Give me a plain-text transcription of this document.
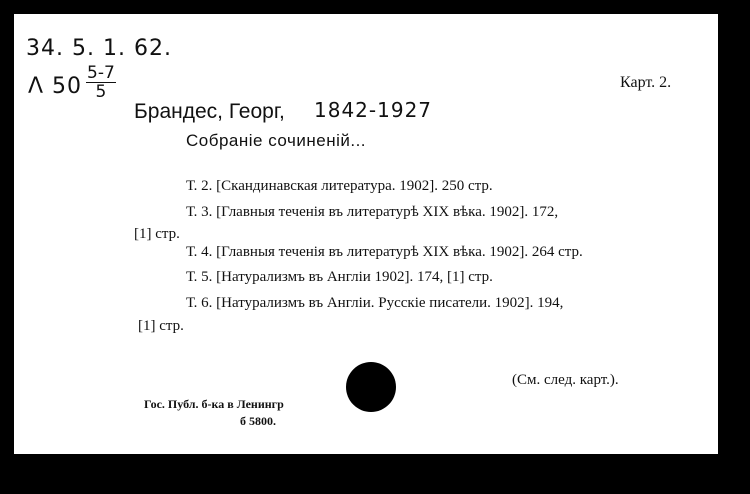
34. 5. 1. 62.
Λ $50 \frac{5-7}{5}$	Карт. 2.
Брандес, Георг, 1842-1927
Собраніе сочиненій...
Т. 2. [Скандинавская литература. 1902]. 250 стр.
Т. 3. [Главныя теченія въ литературѣ XIX вѣка. 1902]. 172,
[1] стр.
Т. 4. [Главныя теченія въ литературѣ XIX вѣка. 1902]. 264 стр.
Т. 5. [Натурализмъ въ Англіи 1902]. 174, [1] стр.
Т. 6. [Натурализмъ въ Англіи. Русскіе писатели. 1902]. 194,
[1] стр.
(См. след. карт.).
Гос. Публ. б-ка в Ленингр
б 5800.
